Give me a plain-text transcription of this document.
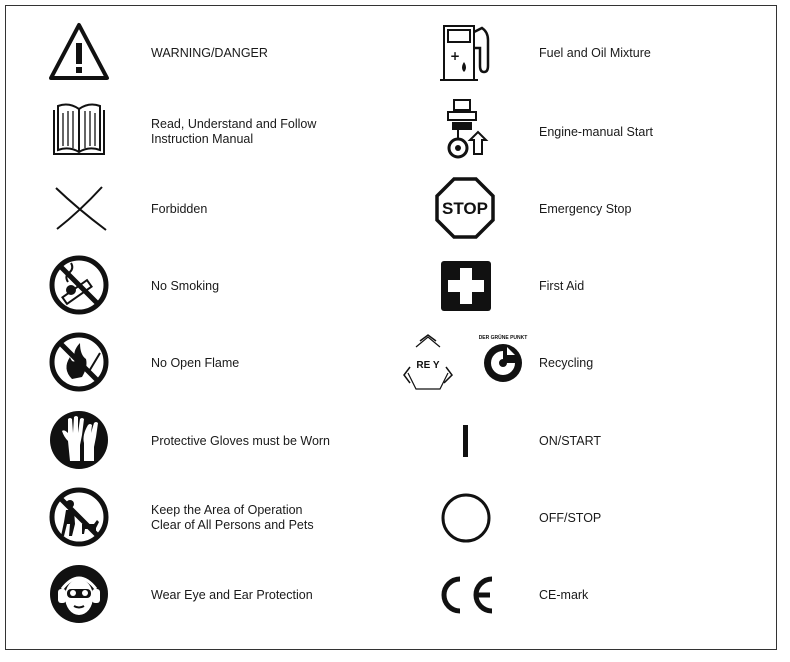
WARNING/DANGER
Read, Understand and Follow
Instruction Manual
Forbidden
No Smoking
No Open Flame
Protective Gloves must be Worn
Keep the Area of Operation
Clear of All Persons and Pets
Wear Eye and Ear Protection
+	Fuel and Oil Mixture
Engine-manual Start
STOP	Emergency Stop
First Aid
RE Y
DER GRÜNE PUNKT
Recycling
ON/START
OFF/STOP
CE-mark
